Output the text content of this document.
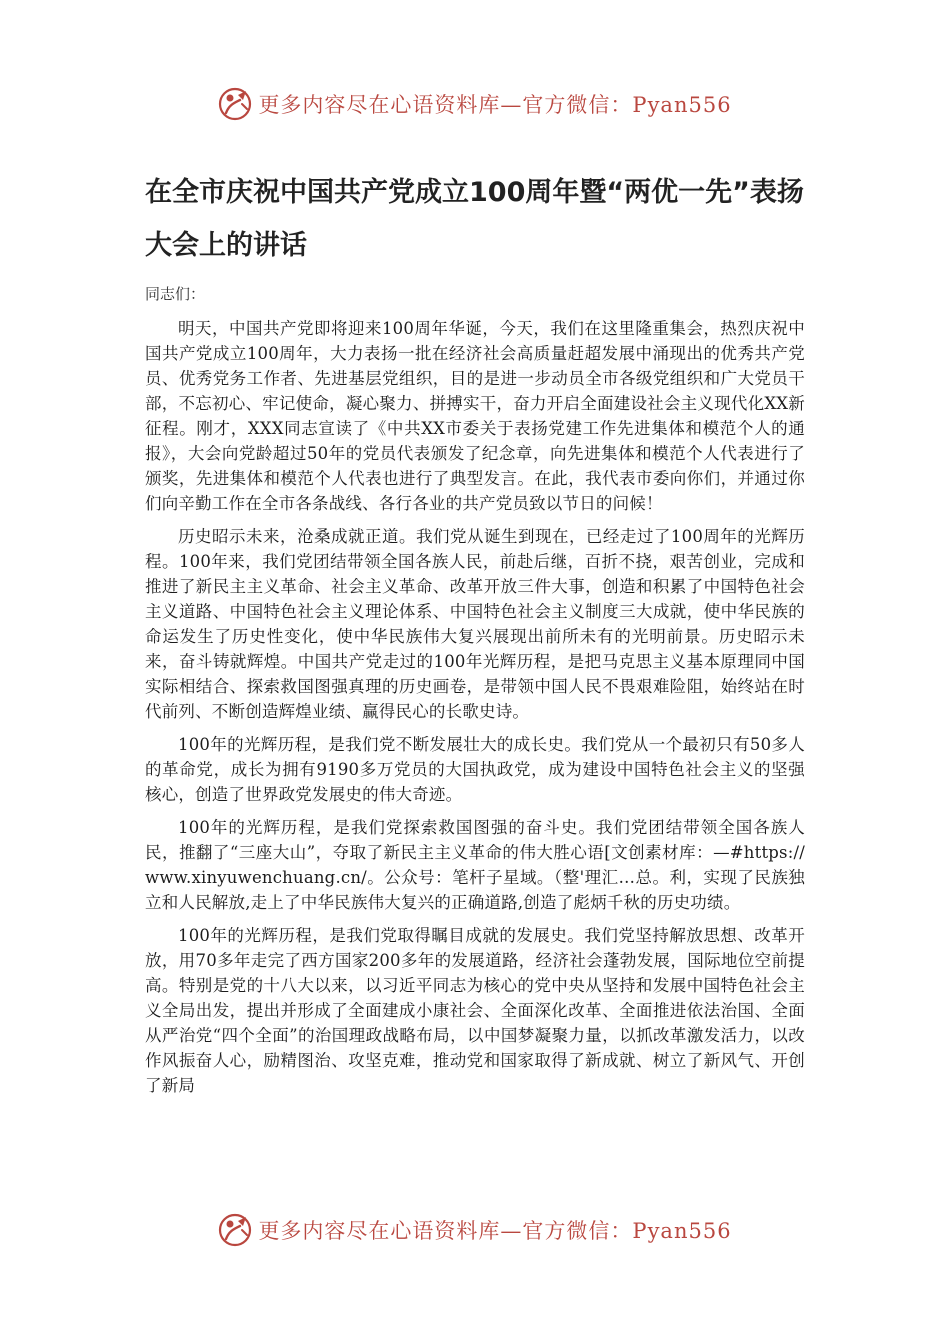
更多内容尽在心语资料库—官方微信：Pyan556
在全市庆祝中国共产党成立100周年暨“两优一先”表扬大会上的讲话

同志们：

明天，中国共产党即将迎来100周年华诞，今天，我们在这里隆重集会，热烈庆祝中国共产党成立100周年，大力表扬一批在经济社会高质量赶超发展中涌现出的优秀共产党员、优秀党务工作者、先进基层党组织，目的是进一步动员全市各级党组织和广大党员干部，不忘初心、牢记使命，凝心聚力、拼搏实干，奋力开启全面建设社会主义现代化XX新征程。刚才，XXX同志宣读了《中共XX市委关于表扬党建工作先进集体和模范个人的通报》，大会向党龄超过50年的党员代表颁发了纪念章，向先进集体和模范个人代表进行了颁奖，先进集体和模范个人代表也进行了典型发言。在此，我代表市委向你们，并通过你们向辛勤工作在全市各条战线、各行各业的共产党员致以节日的问候！

历史昭示未来，沧桑成就正道。我们党从诞生到现在，已经走过了100周年的光辉历程。100年来，我们党团结带领全国各族人民，前赴后继，百折不挠，艰苦创业，完成和推进了新民主主义革命、社会主义革命、改革开放三件大事，创造和积累了中国特色社会主义道路、中国特色社会主义理论体系、中国特色社会主义制度三大成就，使中华民族的命运发生了历史性变化，使中华民族伟大复兴展现出前所未有的光明前景。历史昭示未来，奋斗铸就辉煌。中国共产党走过的100年光辉历程，是把马克思主义基本原理同中国实际相结合、探索救国图强真理的历史画卷，是带领中国人民不畏艰难险阻，始终站在时代前列、不断创造辉煌业绩、赢得民心的长歌史诗。

100年的光辉历程，是我们党不断发展壮大的成长史。我们党从一个最初只有50多人的革命党，成长为拥有9190多万党员的大国执政党，成为建设中国特色社会主义的坚强核心，创造了世界政党发展史的伟大奇迹。

100年的光辉历程，是我们党探索救国图强的奋斗史。我们党团结带领全国各族人民，推翻了“三座大山”，夺取了新民主主义革命的伟大胜心语[文创素材库：—#https://www.xinyuwenchuang.cn/。公众号：笔杆子星域。（整'理汇…总。利，实现了民族独立和人民解放,走上了中华民族伟大复兴的正确道路,创造了彪炳千秋的历史功绩。

100年的光辉历程，是我们党取得瞩目成就的发展史。我们党坚持解放思想、改革开放，用70多年走完了西方国家200多年的发展道路，经济社会蓬勃发展，国际地位空前提高。特别是党的十八大以来，以习近平同志为核心的党中央从坚持和发展中国特色社会主义全局出发，提出并形成了全面建成小康社会、全面深化改革、全面推进依法治国、全面从严治党“四个全面”的治国理政战略布局，以中国梦凝聚力量，以抓改革激发活力，以改作风振奋人心，励精图治、攻坚克难，推动党和国家取得了新成就、树立了新风气、开创了新局

更多内容尽在心语资料库—官方微信：Pyan556
